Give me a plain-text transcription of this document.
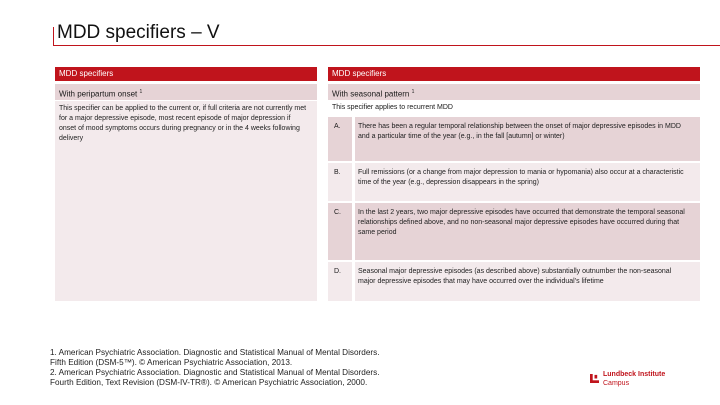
MDD specifiers – V
MDD specifiers
With peripartum onset $^1$
This specifier can be applied to the current or, if full criteria are not currently met for a major depressive episode, most recent episode of major depression if onset of mood symptoms occurs during pregnancy or in the 4 weeks following delivery
MDD specifiers
With seasonal pattern $^1$
This specifier applies to recurrent MDD
A.	There has been a regular temporal relationship between the onset of major depressive episodes in MDD and a particular time of the year (e.g., in the fall [autumn] or winter)
B.	Full remissions (or a change from major depression to mania or hypomania) also occur at a characteristic time of the year (e.g., depression disappears in the spring)
C.	In the last 2 years, two major depressive episodes have occurred that demonstrate the temporal seasonal relationships defined above, and no non-seasonal major depressive episodes have occurred during that same period
D.	Seasonal major depressive episodes (as described above) substantially outnumber the non-seasonal major depressive episodes that may have occurred over the individual's lifetime
1. American Psychiatric Association. Diagnostic and Statistical Manual of Mental Disorders.
Fifth Edition (DSM-5™). © American Psychiatric Association, 2013.
2. American Psychiatric Association. Diagnostic and Statistical Manual of Mental Disorders.
Fourth Edition, Text Revision (DSM-IV-TR®). © American Psychiatric Association, 2000.
Lundbeck Institute
Campus
